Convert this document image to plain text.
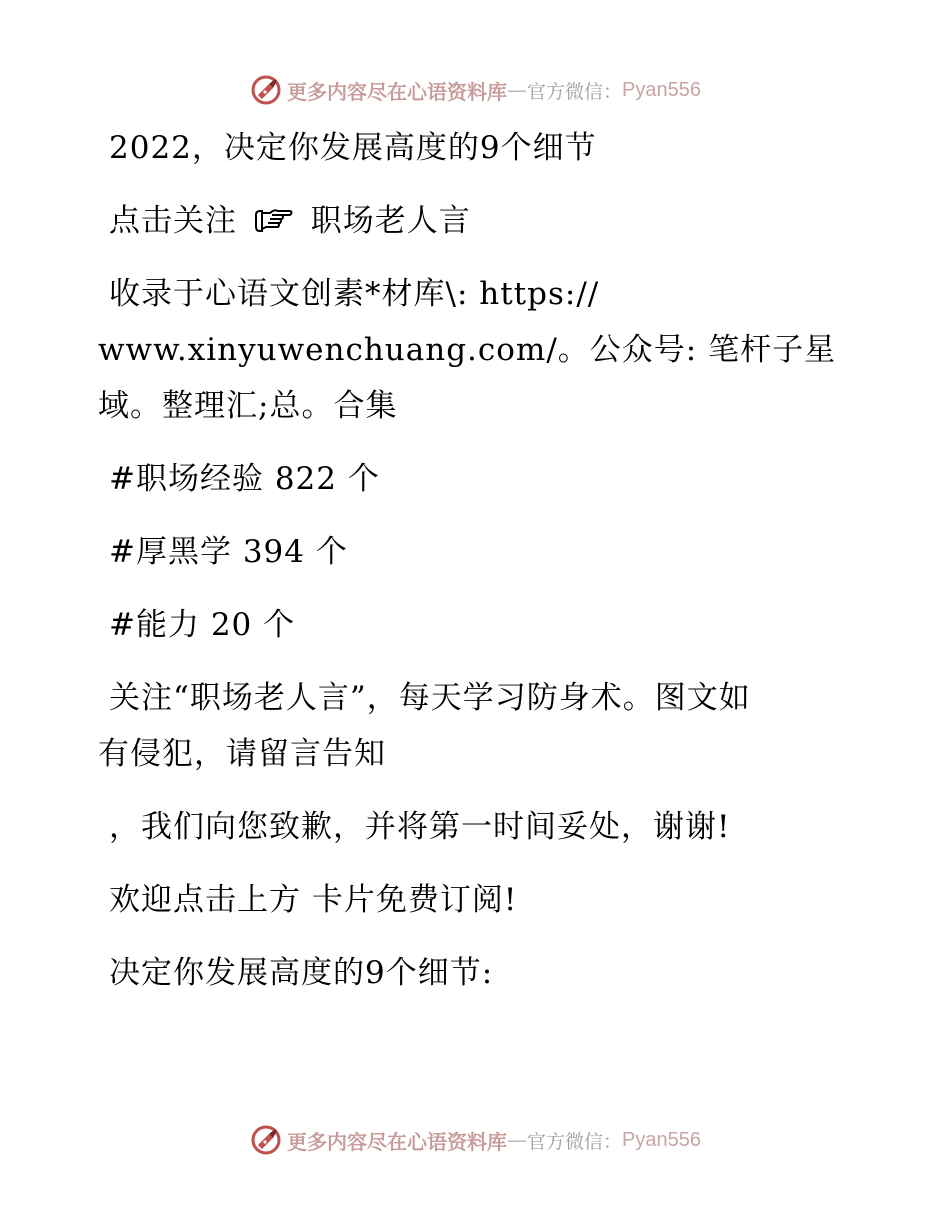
更多内容尽在心语资料库 — 官方微信： Pyan556
2022，决定你发展高度的9个细节
点击关注 职场老人言
收录于心语文创素*材库\: https://
www.xinyuwenchuang.com/。公众号: 笔杆子星
域。整理汇;总。合集
#职场经验 822 个
#厚黑学 394 个
#能力 20 个
关注“职场老人言”，每天学习防身术。图文如
有侵犯，请留言告知
，我们向您致歉，并将第一时间妥处，谢谢!
欢迎点击上方 卡片免费订阅!
决定你发展高度的9个细节:
更多内容尽在心语资料库 — 官方微信： Pyan556
